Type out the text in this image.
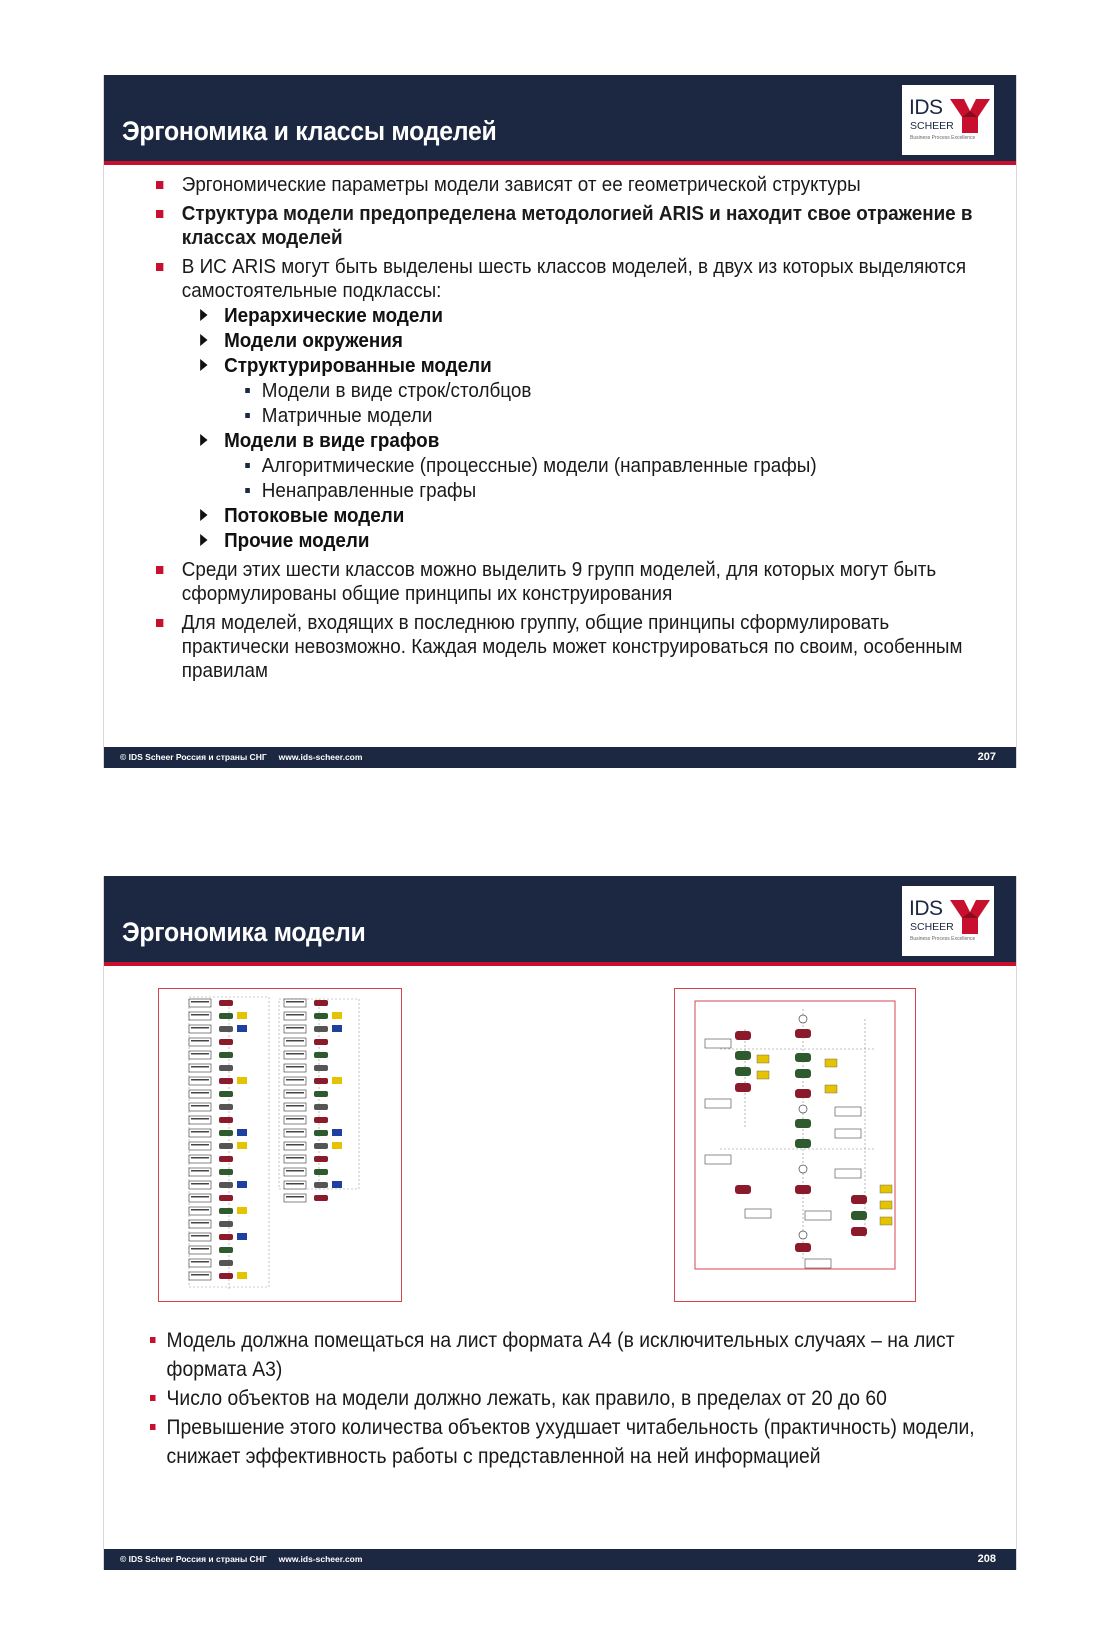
Эргономика и классы моделей
IDS
SCHEER
Business Process Excellence
Эргономические параметры модели зависят от ее геометрической структуры
Структура модели предопределена методологией ARIS и находит свое отражение в классах моделей
В ИС ARIS могут быть выделены шесть классов моделей, в двух из которых выделяются самостоятельные подклассы:
Иерархические модели
Модели окружения
Структурированные модели
Модели в виде строк/столбцов
Матричные модели
Модели в виде графов
Алгоритмические (процессные) модели (направленные графы)
Ненаправленные графы
Потоковые модели
Прочие модели
Среди этих шести классов можно выделить 9 групп моделей, для которых могут быть сформулированы общие принципы их конструирования
Для моделей, входящих в последнюю группу, общие принципы сформулировать практически невозможно. Каждая модель может конструироваться по своим, особенным правилам
© IDS Scheer Россия и страны СНГ www.ids-scheer.com	207
Эргономика модели
IDS
SCHEER
Business Process Excellence
Модель должна помещаться на лист формата А4 (в исключительных случаях – на лист формата А3)
Число объектов на модели должно лежать, как правило, в пределах от 20 до 60
Превышение этого количества объектов ухудшает читабельность (практичность) модели, снижает эффективность работы с представленной на ней информацией
© IDS Scheer Россия и страны СНГ www.ids-scheer.com	208
